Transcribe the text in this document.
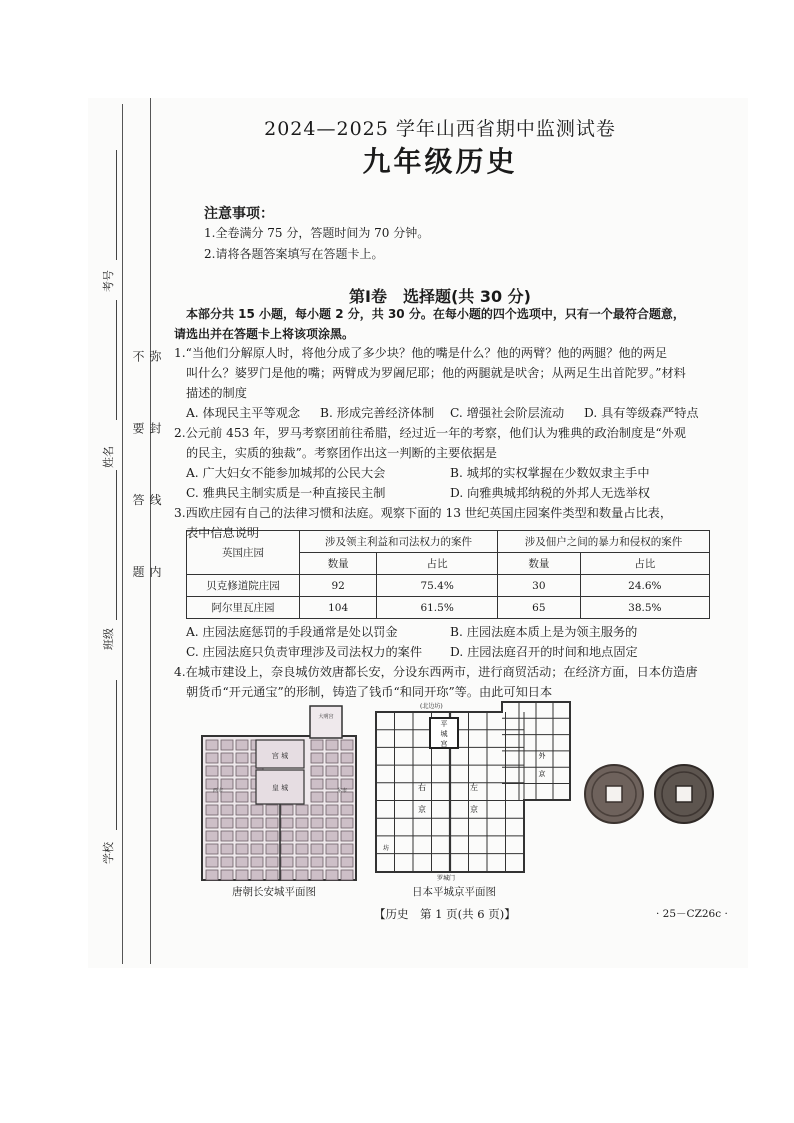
考号
姓名
班级
学校
弥 封 线 内 不 要 答 题
2024—2025 学年山西省期中监测试卷
九年级历史
注意事项：
1.全卷满分 75 分，答题时间为 70 分钟。
2.请将各题答案填写在答题卡上。
第Ⅰ卷　选择题(共 30 分)
本部分共 15 小题，每小题 2 分，共 30 分。在每小题的四个选项中，只有一个最符合题意，
请选出并在答题卡上将该项涂黑。
1.“当他们分解原人时，将他分成了多少块？他的嘴是什么？他的两臂？他的两腿？他的两足
叫什么？婆罗门是他的嘴；两臂成为罗阇尼耶；他的两腿就是吠舍；从两足生出首陀罗。”材料
描述的制度
A. 体现民主平等观念 B. 形成完善经济体制 C. 增强社会阶层流动 D. 具有等级森严特点
2.公元前 453 年，罗马考察团前往希腊，经过近一年的考察，他们认为雅典的政治制度是“外观
的民主，实质的独裁”。考察团作出这一判断的主要依据是
A. 广大妇女不能参加城邦的公民大会	B. 城邦的实权掌握在少数奴隶主手中
C. 雅典民主制实质是一种直接民主制	D. 向雅典城邦纳税的外邦人无选举权
3.西欧庄园有自己的法律习惯和法庭。观察下面的 13 世纪英国庄园案件类型和数量占比表，
表中信息说明
英国庄园	涉及领主利益和司法权力的案件		涉及佃户之间的暴力和侵权的案件	
	数量	占比	数量	占比
贝克修道院庄园	92	75.4%	30	24.6%
阿尔里瓦庄园	104	61.5%	65	38.5%
A. 庄园法庭惩罚的手段通常是处以罚金	B. 庄园法庭本质上是为领主服务的
C. 庄园法庭只负责审理涉及司法权力的案件 D. 庄园法庭召开的时间和地点固定
4.在城市建设上，奈良城仿效唐都长安，分设东西两市，进行商贸活动；在经济方面，日本仿造唐
朝货币“开元通宝”的形制，铸造了钱币“和同开珎”等。由此可知日本
宫 城
皇 城
大明宫
东市
西市
唐朝长安城平面图
(北边坊)
平
城
宫
右
京
左
京
外
京
坊
罗城门
日本平城京平面图
【历史　第 1 页(共 6 页)】	· 25－CZ26c ·
